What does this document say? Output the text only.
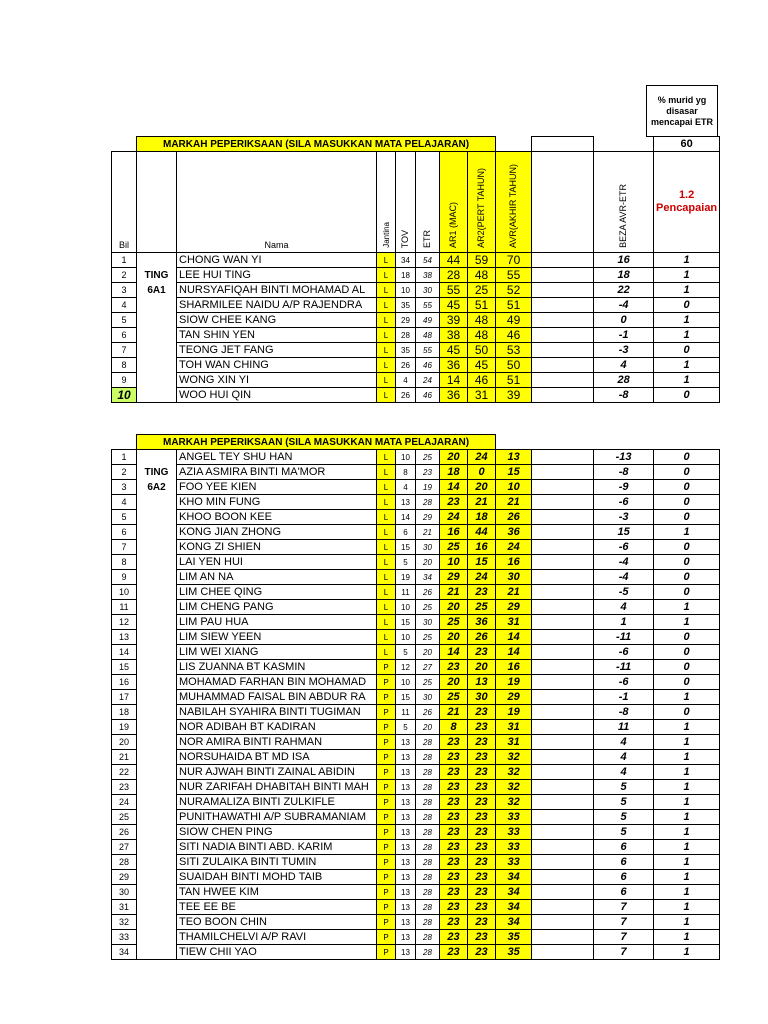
% murid yg disasar mencapai ETR
	MARKAH PEPERIKSAAN (SILA MASUKKAN MATA PELAJARAN)										60
Bil		Nama	Jantina	TOV	ETR	AR1 (MAC)	AR2(PERT TAHUN)	AVR(AKHIR TAHUN)		BEZA AVR-ETR	1.2 Pencapaian
1		CHONG WAN YI	L	34	54	44	59	70		16	1
2	TING	LEE HUI TING	L	18	38	28	48	55		18	1
3	6A1	NURSYAFIQAH BINTI MOHAMAD AL	L	10	30	55	25	52		22	1
4		SHARMILEE NAIDU A/P RAJENDRA	L	35	55	45	51	51		-4	0
5		SIOW CHEE KANG	L	29	49	39	48	49		0	1
6		TAN SHIN YEN	L	28	48	38	48	46		-1	1
7		TEONG JET FANG	L	35	55	45	50	53		-3	0
8		TOH WAN CHING	L	26	46	36	45	50		4	1
9		WONG XIN YI	L	4	24	14	46	51		28	1
10		WOO HUI QIN	L	26	46	36	31	39		-8	0
	MARKAH PEPERIKSAAN (SILA MASUKKAN MATA PELAJARAN)										
1		ANGEL TEY SHU HAN	L	10	25	20	24	13		-13	0
2	TING	AZIA ASMIRA BINTI MA'MOR	L	8	23	18	0	15		-8	0
3	6A2	FOO YEE KIEN	L	4	19	14	20	10		-9	0
4		KHO MIN FUNG	L	13	28	23	21	21		-6	0
5		KHOO BOON KEE	L	14	29	24	18	26		-3	0
6		KONG JIAN ZHONG	L	6	21	16	44	36		15	1
7		KONG ZI SHIEN	L	15	30	25	16	24		-6	0
8		LAI YEN HUI	L	5	20	10	15	16		-4	0
9		LIM AN NA	L	19	34	29	24	30		-4	0
10		LIM CHEE QING	L	11	26	21	23	21		-5	0
11		LIM CHENG PANG	L	10	25	20	25	29		4	1
12		LIM PAU HUA	L	15	30	25	36	31		1	1
13		LIM SIEW YEEN	L	10	25	20	26	14		-11	0
14		LIM WEI XIANG	L	5	20	14	23	14		-6	0
15		LIS ZUANNA BT KASMIN	P	12	27	23	20	16		-11	0
16		MOHAMAD FARHAN BIN MOHAMAD	P	10	25	20	13	19		-6	0
17		MUHAMMAD FAISAL BIN ABDUR RA	P	15	30	25	30	29		-1	1
18		NABILAH SYAHIRA BINTI TUGIMAN	P	11	26	21	23	19		-8	0
19		NOR ADIBAH BT KADIRAN	P	5	20	8	23	31		11	1
20		NOR AMIRA BINTI RAHMAN	P	13	28	23	23	31		4	1
21		NORSUHAIDA BT MD ISA	P	13	28	23	23	32		4	1
22		NUR AJWAH BINTI ZAINAL ABIDIN	P	13	28	23	23	32		4	1
23		NUR ZARIFAH DHABITAH BINTI MAH	P	13	28	23	23	32		5	1
24		NURAMALIZA BINTI ZULKIFLE	P	13	28	23	23	32		5	1
25		PUNITHAWATHI A/P SUBRAMANIAM	P	13	28	23	23	33		5	1
26		SIOW CHEN PING	P	13	28	23	23	33		5	1
27		SITI NADIA BINTI ABD. KARIM	P	13	28	23	23	33		6	1
28		SITI ZULAIKA BINTI TUMIN	P	13	28	23	23	33		6	1
29		SUAIDAH BINTI MOHD TAIB	P	13	28	23	23	34		6	1
30		TAN HWEE KIM	P	13	28	23	23	34		6	1
31		TEE EE BE	P	13	28	23	23	34		7	1
32		TEO BOON CHIN	P	13	28	23	23	34		7	1
33		THAMILCHELVI A/P RAVI	P	13	28	23	23	35		7	1
34		TIEW CHII YAO	P	13	28	23	23	35		7	1
